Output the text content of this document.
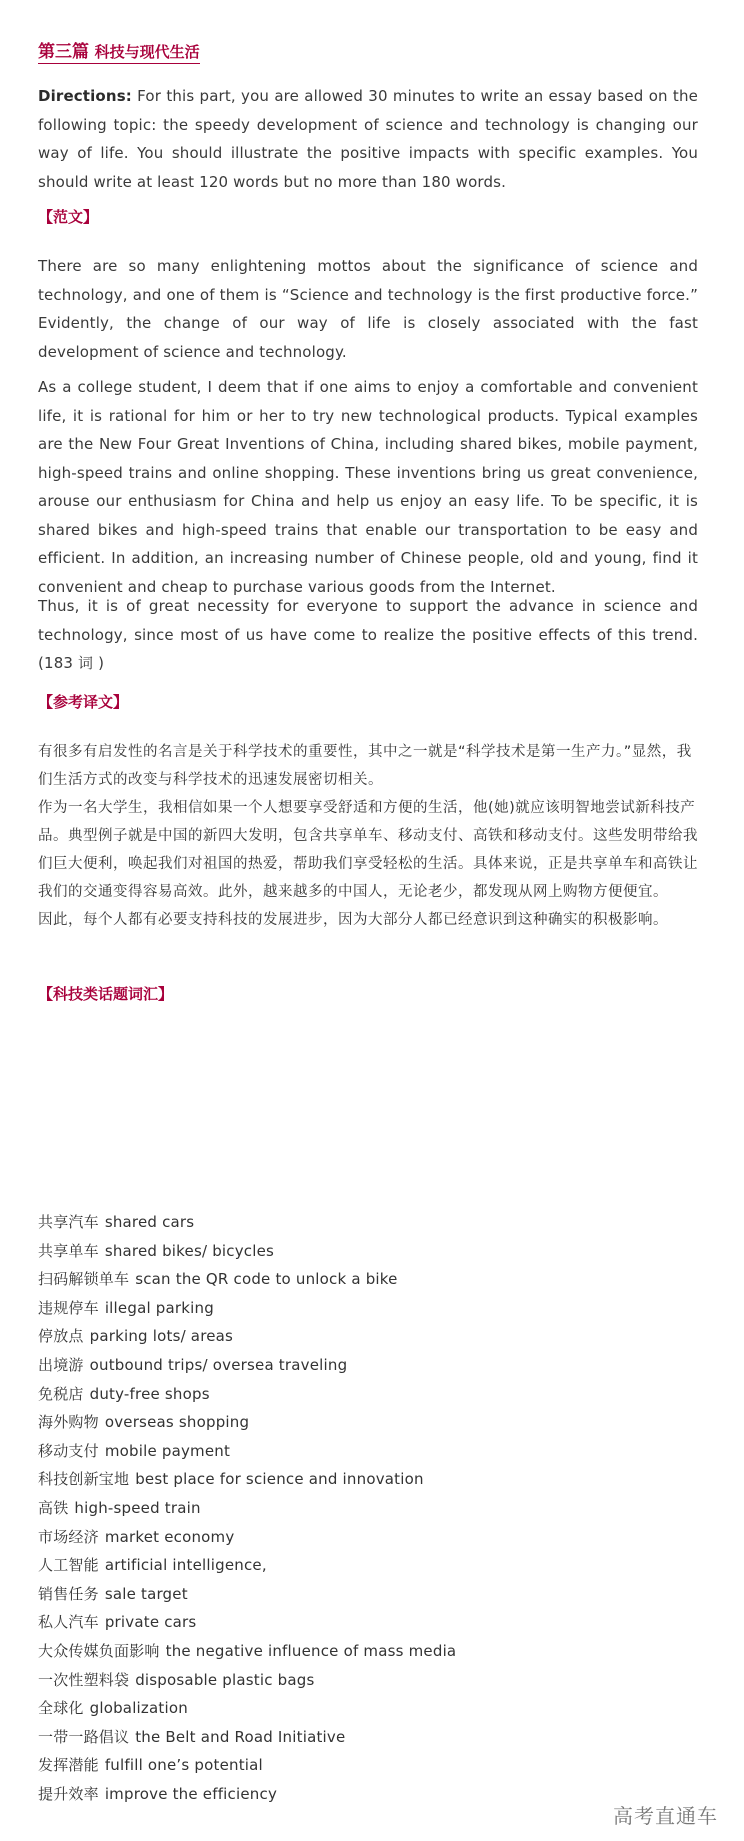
第三篇 科技与现代生活
Directions: For this part, you are allowed 30 minutes to write an essay based on the following topic: the speedy development of science and technology is changing our way of life. You should illustrate the positive impacts with specific examples. You should write at least 120 words but no more than 180 words.
【范文】
There are so many enlightening mottos about the significance of science and technology, and one of them is “Science and technology is the first productive force.” Evidently, the change of our way of life is closely associated with the fast development of science and technology.
As a college student, I deem that if one aims to enjoy a comfortable and convenient life, it is rational for him or her to try new technological products. Typical examples are the New Four Great Inventions of China, including shared bikes, mobile payment, high-speed trains and online shopping. These inventions bring us great convenience, arouse our enthusiasm for China and help us enjoy an easy life. To be specific, it is shared bikes and high-speed trains that enable our transportation to be easy and efficient. In addition, an increasing number of Chinese people, old and young, find it convenient and cheap to purchase various goods from the Internet.
Thus, it is of great necessity for everyone to support the advance in science and technology, since most of us have come to realize the positive effects of this trend. (183 词 )
【参考译文】

有很多有启发性的名言是关于科学技术的重要性，其中之一就是“科学技术是第一生产力。”显然，我们生活方式的改变与科学技术的迅速发展密切相关。

作为一名大学生，我相信如果一个人想要享受舒适和方便的生活，他(她)就应该明智地尝试新科技产品。典型例子就是中国的新四大发明，包含共享单车、移动支付、高铁和移动支付。这些发明带给我们巨大便利，唤起我们对祖国的热爱，帮助我们享受轻松的生活。具体来说，正是共享单车和高铁让我们的交通变得容易高效。此外，越来越多的中国人，无论老少，都发现从网上购物方便便宜。

因此，每个人都有必要支持科技的发展进步，因为大部分人都已经意识到这种确实的积极影响。

【科技类话题词汇】
共享汽车 shared cars
共享单车 shared bikes/ bicycles
扫码解锁单车 scan the QR code to unlock a bike
违规停车 illegal parking
停放点 parking lots/ areas
出境游 outbound trips/ oversea traveling
免税店 duty-free shops
海外购物 overseas shopping
移动支付 mobile payment
科技创新宝地 best place for science and innovation
高铁 high-speed train
市场经济 market economy
人工智能 artificial intelligence,
销售任务 sale target
私人汽车 private cars
大众传媒负面影响 the negative influence of mass media
一次性塑料袋 disposable plastic bags
全球化 globalization
一带一路倡议 the Belt and Road Initiative
发挥潜能 fulfill one’s potential
提升效率 improve the efficiency
高考直通车
